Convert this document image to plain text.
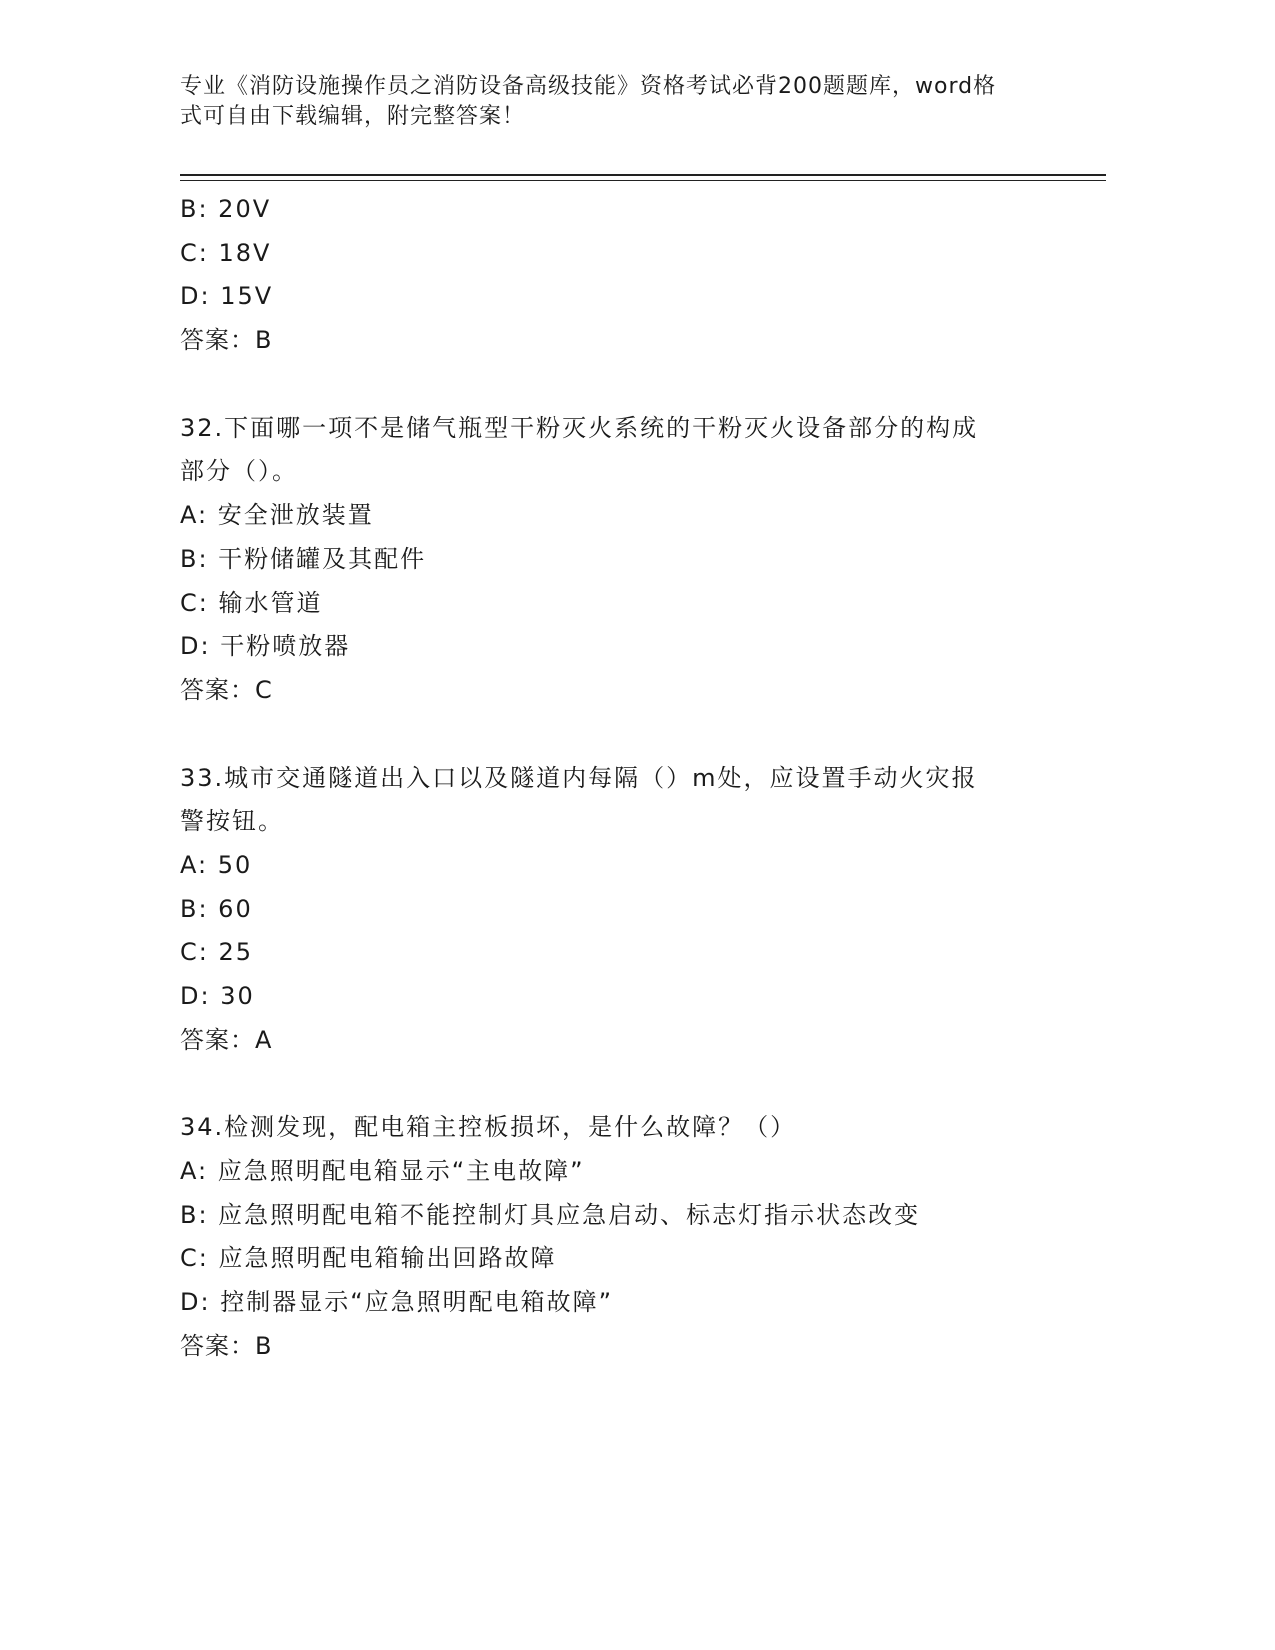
专业《消防设施操作员之消防设备高级技能》资格考试必背200题题库，word格
式可自由下载编辑，附完整答案！
B: 20V
C: 18V
D: 15V
答案：B
32.下面哪一项不是储气瓶型干粉灭火系统的干粉灭火设备部分的构成
部分（）。
A: 安全泄放装置
B: 干粉储罐及其配件
C: 输水管道
D: 干粉喷放器
答案：C
33.城市交通隧道出入口以及隧道内每隔（）m处，应设置手动火灾报
警按钮。
A: 50
B: 60
C: 25
D: 30
答案：A
34.检测发现，配电箱主控板损坏，是什么故障？（）
A: 应急照明配电箱显示“主电故障”
B: 应急照明配电箱不能控制灯具应急启动、标志灯指示状态改变
C: 应急照明配电箱输出回路故障
D: 控制器显示“应急照明配电箱故障”
答案：B
